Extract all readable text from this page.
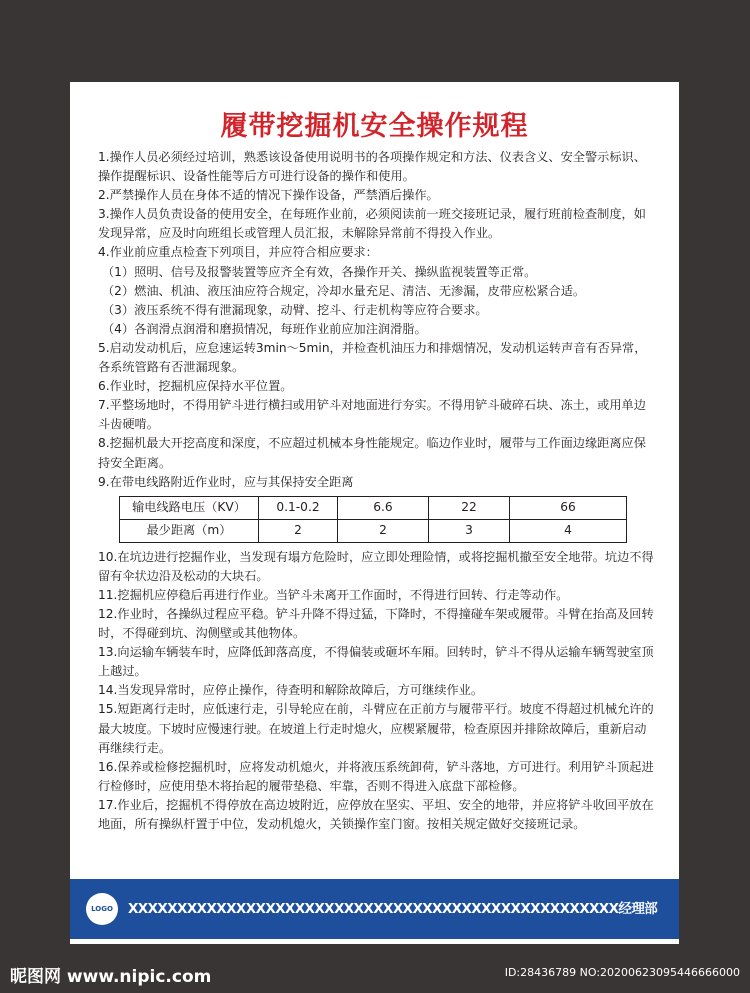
履带挖掘机安全操作规程

1.操作人员必须经过培训，熟悉该设备使用说明书的各项操作规定和方法、仪表含义、安全警示标识、操作提醒标识、设备性能等后方可进行设备的操作和使用。

2.严禁操作人员在身体不适的情况下操作设备，严禁酒后操作。

3.操作人员负责设备的使用安全，在每班作业前，必须阅读前一班交接班记录，履行班前检查制度，如发现异常，应及时向班组长或管理人员汇报，未解除异常前不得投入作业。

4.作业前应重点检查下列项目，并应符合相应要求：

（1）照明、信号及报警装置等应齐全有效，各操作开关、操纵监视装置等正常。

（2）燃油、机油、液压油应符合规定，冷却水量充足、清洁、无渗漏，皮带应松紧合适。

（3）液压系统不得有泄漏现象，动臂、挖斗、行走机构等应符合要求。

（4）各润滑点润滑和磨损情况，每班作业前应加注润滑脂。

5.启动发动机后，应怠速运转3min～5min，并检查机油压力和排烟情况，发动机运转声音有否异常，各系统管路有否泄漏现象。

6.作业时，挖掘机应保持水平位置。

7.平整场地时，不得用铲斗进行横扫或用铲斗对地面进行夯实。不得用铲斗破碎石块、冻土，或用单边斗齿硬啃。

8.挖掘机最大开挖高度和深度，不应超过机械本身性能规定。临边作业时，履带与工作面边缘距离应保持安全距离。

9.在带电线路附近作业时，应与其保持安全距离

输电线路电压（KV）	0.1-0.2	6.6	22	66
最少距离（m）	2	2	3	4

10.在坑边进行挖掘作业，当发现有塌方危险时，应立即处理险情，或将挖掘机撤至安全地带。坑边不得留有伞状边沿及松动的大块石。

11.挖掘机应停稳后再进行作业。当铲斗未离开工作面时，不得进行回转、行走等动作。

12.作业时，各操纵过程应平稳。铲斗升降不得过猛，下降时，不得撞碰车架或履带。斗臂在抬高及回转时，不得碰到坑、沟侧壁或其他物体。

13.向运输车辆装车时，应降低卸落高度，不得偏装或砸坏车厢。回转时，铲斗不得从运输车辆驾驶室顶上越过。

14.当发现异常时，应停止操作，待查明和解除故障后，方可继续作业。

15.短距离行走时，应低速行走，引导轮应在前，斗臂应在正前方与履带平行。坡度不得超过机械允许的最大坡度。下坡时应慢速行驶。在坡道上行走时熄火，应楔紧履带，检查原因并排除故障后，重新启动再继续行走。

16.保养或检修挖掘机时，应将发动机熄火，并将液压系统卸荷，铲斗落地，方可进行。利用铲斗顶起进行检修时，应使用垫木将抬起的履带垫稳、牢靠，否则不得进入底盘下部检修。

17.作业后，挖掘机不得停放在高边坡附近，应停放在坚实、平坦、安全的地带，并应将铲斗收回平放在地面，所有操纵杆置于中位，发动机熄火，关锁操作室门窗。按相关规定做好交接班记录。

LOGO	XXXXXXXXXXXXXXXXXXXXXXXXXXXXXXXXXXXXXXXXXXXXXXXXXX经理部
昵图网 www.nipic.com	ID:28436789 NO:20200623095446666000
